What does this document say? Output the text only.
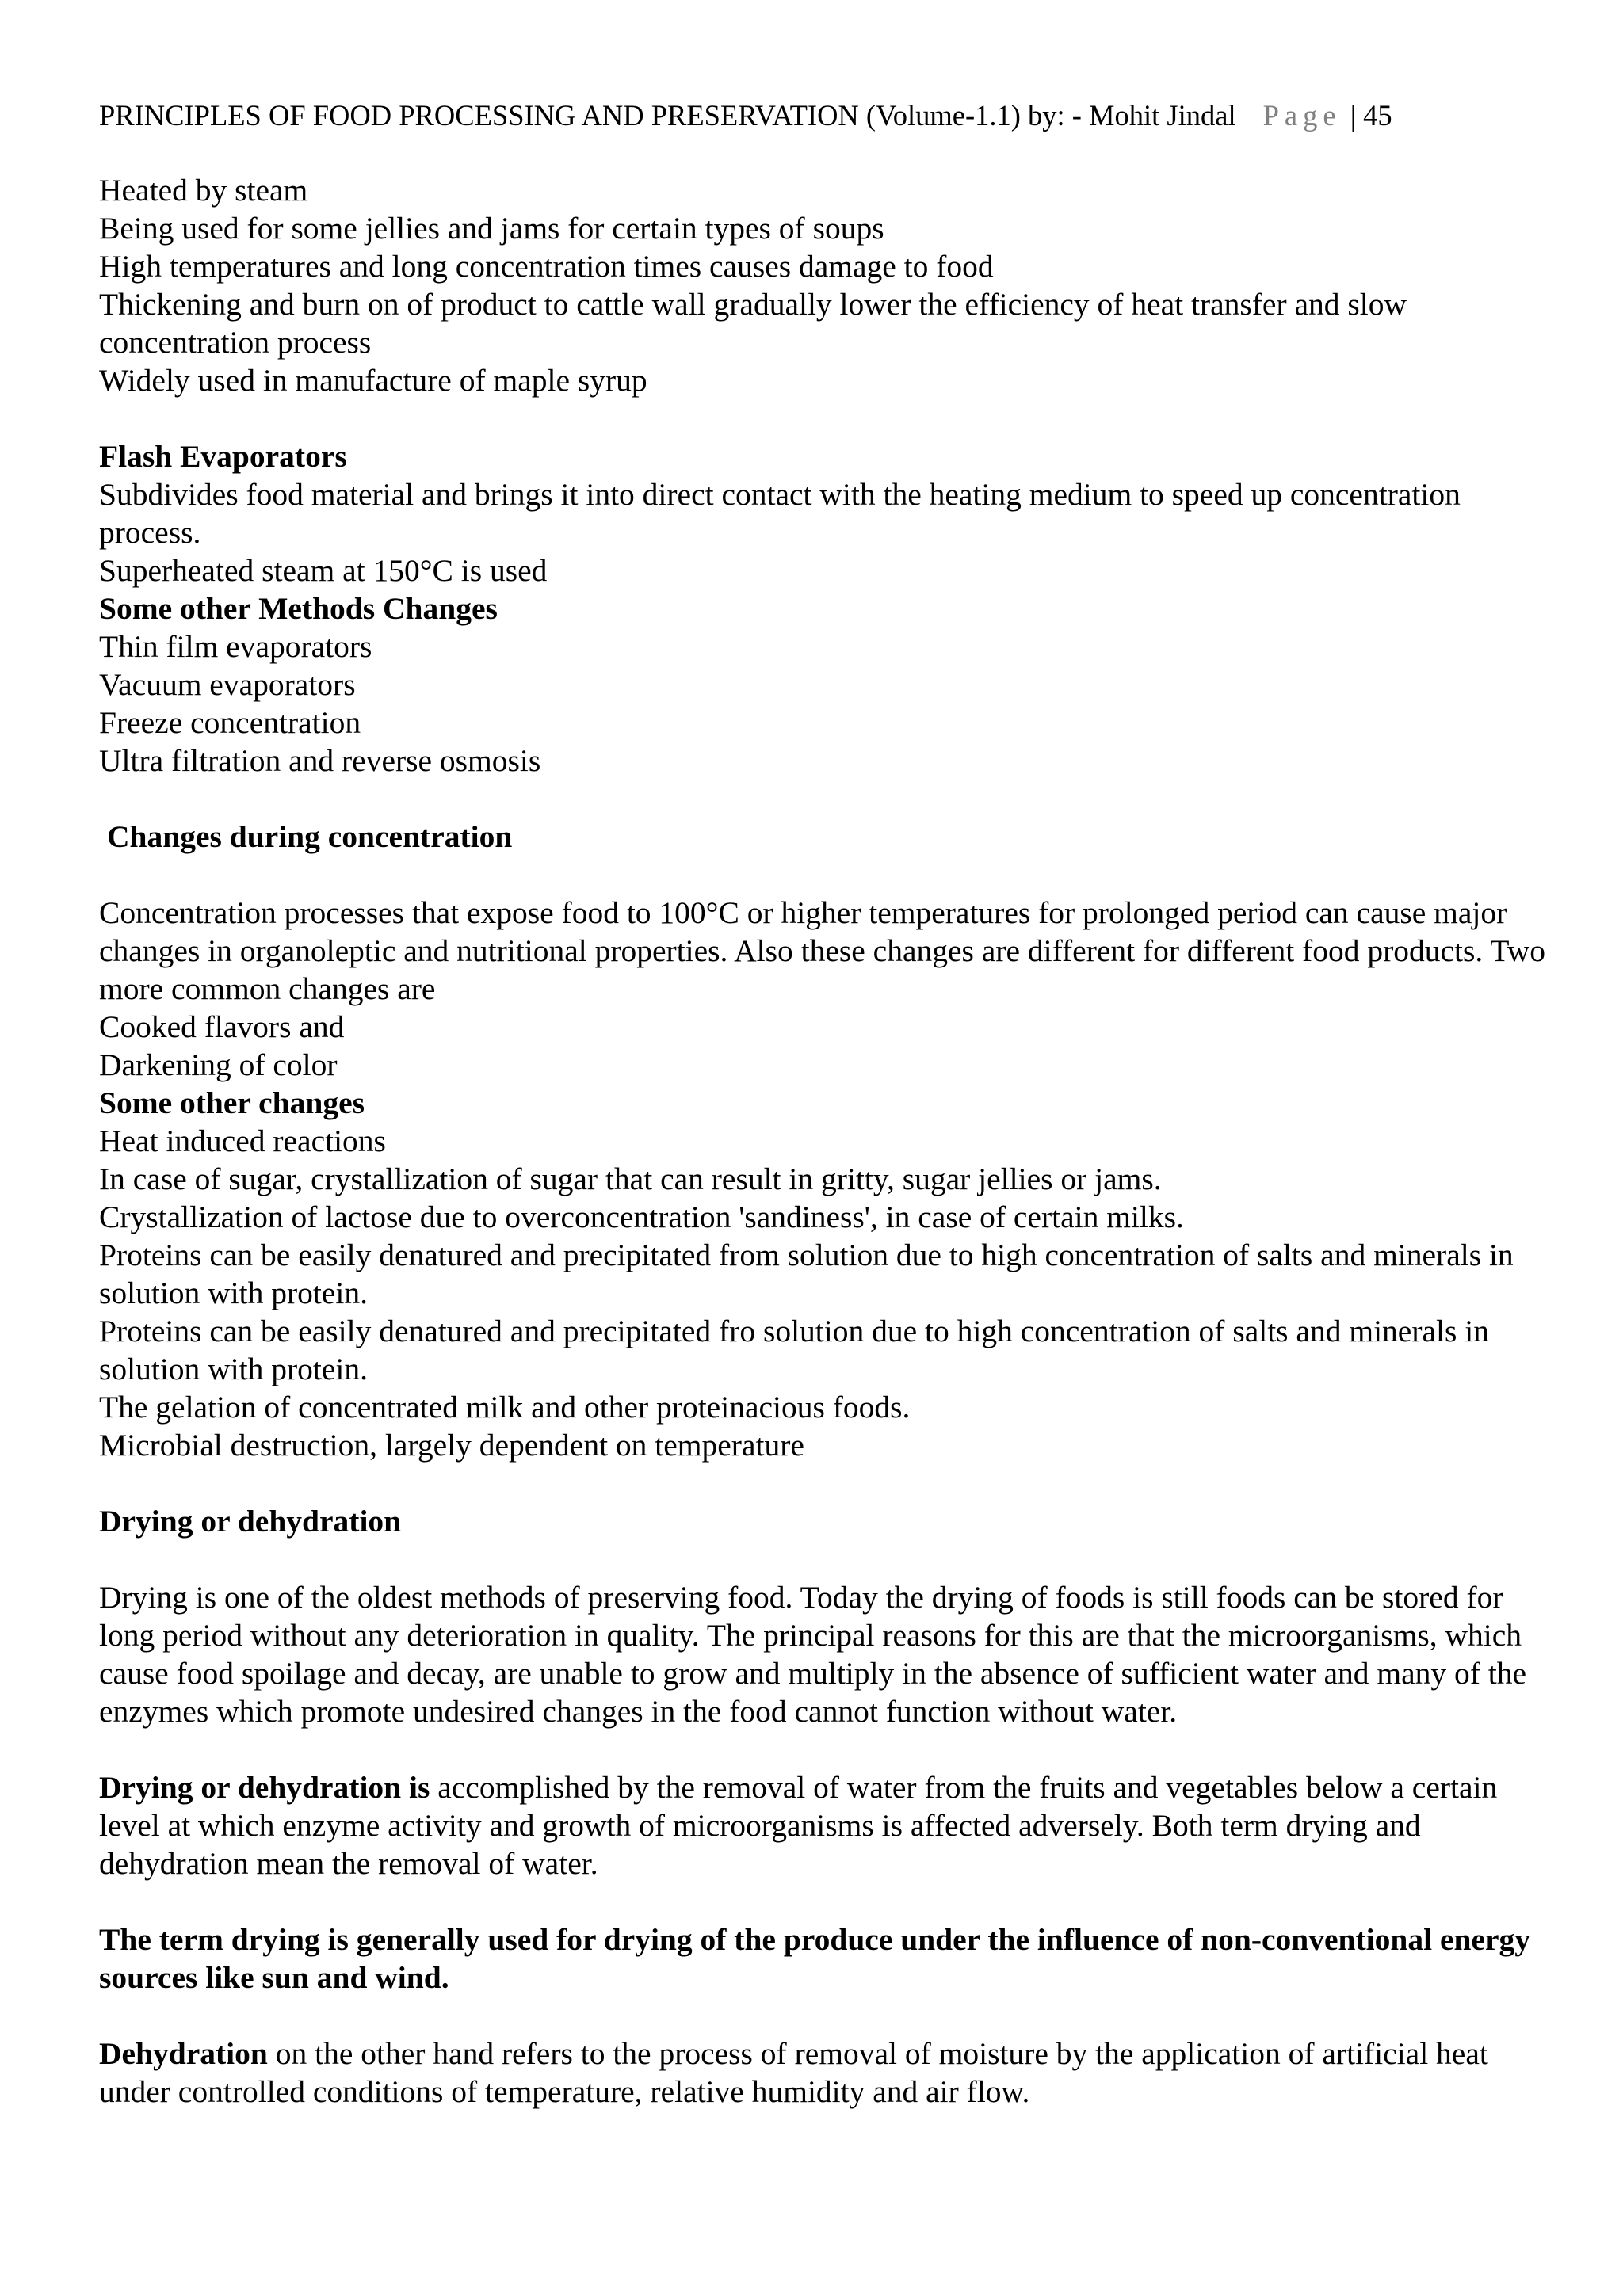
PRINCIPLES OF FOOD PROCESSING AND PRESERVATION (Volume-1.1) by: - Mohit Jindal Page | 45

Heated by steam

Being used for some jellies and jams for certain types of soups

High temperatures and long concentration times causes damage to food

Thickening and burn on of product to cattle wall gradually lower the efficiency of heat transfer and slow concentration process

Widely used in manufacture of maple syrup

Flash Evaporators

Subdivides food material and brings it into direct contact with the heating medium to speed up concentration process.

Superheated steam at 150°C is used

Some other Methods Changes

Thin film evaporators

Vacuum evaporators

Freeze concentration

Ultra filtration and reverse osmosis

Changes during concentration

Concentration processes that expose food to 100°C or higher temperatures for prolonged period can cause major changes in organoleptic and nutritional properties. Also these changes are different for different food products. Two more common changes are

Cooked flavors and

Darkening of color

Some other changes

Heat induced reactions

In case of sugar, crystallization of sugar that can result in gritty, sugar jellies or jams.

Crystallization of lactose due to overconcentration 'sandiness', in case of certain milks.

Proteins can be easily denatured and precipitated from solution due to high concentration of salts and minerals in solution with protein.

Proteins can be easily denatured and precipitated fro solution due to high concentration of salts and minerals in solution with protein.

The gelation of concentrated milk and other proteinacious foods.

Microbial destruction, largely dependent on temperature

Drying or dehydration

Drying is one of the oldest methods of preserving food. Today the drying of foods is still foods can be stored for long period without any deterioration in quality. The principal reasons for this are that the microorganisms, which cause food spoilage and decay, are unable to grow and multiply in the absence of sufficient water and many of the enzymes which promote undesired changes in the food cannot function without water.

Drying or dehydration is accomplished by the removal of water from the fruits and vegetables below a certain level at which enzyme activity and growth of microorganisms is affected adversely. Both term drying and dehydration mean the removal of water.

The term drying is generally used for drying of the produce under the influence of non-conventional energy sources like sun and wind.

Dehydration on the other hand refers to the process of removal of moisture by the application of artificial heat under controlled conditions of temperature, relative humidity and air flow.
